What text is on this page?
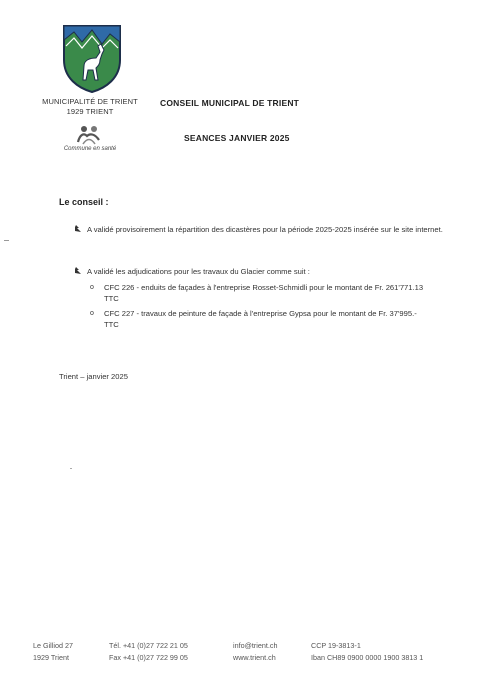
MUNICIPALITÉ DE TRIENT
1929 TRIENT
Commune en santé
CONSEIL MUNICIPAL DE TRIENT
SEANCES JANVIER 2025
Le conseil :
A validé provisoirement la répartition des dicastères pour la période 2025-2025 insérée sur le site internet.
A validé les adjudications pour les travaux du Glacier comme suit :
o CFC 226 - enduits de façades à l'entreprise Rosset-Schmidli pour le montant de Fr. 261'771.13 TTC
o CFC 227 - travaux de peinture de façade à l'entreprise Gypsa pour le montant de Fr. 37'995.- TTC
Trient – janvier 2025
Le Gilliod 27
1929 Trient
Tél. +41 (0)27 722 21 05
Fax +41 (0)27 722 99 05
info@trient.ch
www.trient.ch
CCP 19-3813-1
Iban CH89 0900 0000 1900 3813 1
